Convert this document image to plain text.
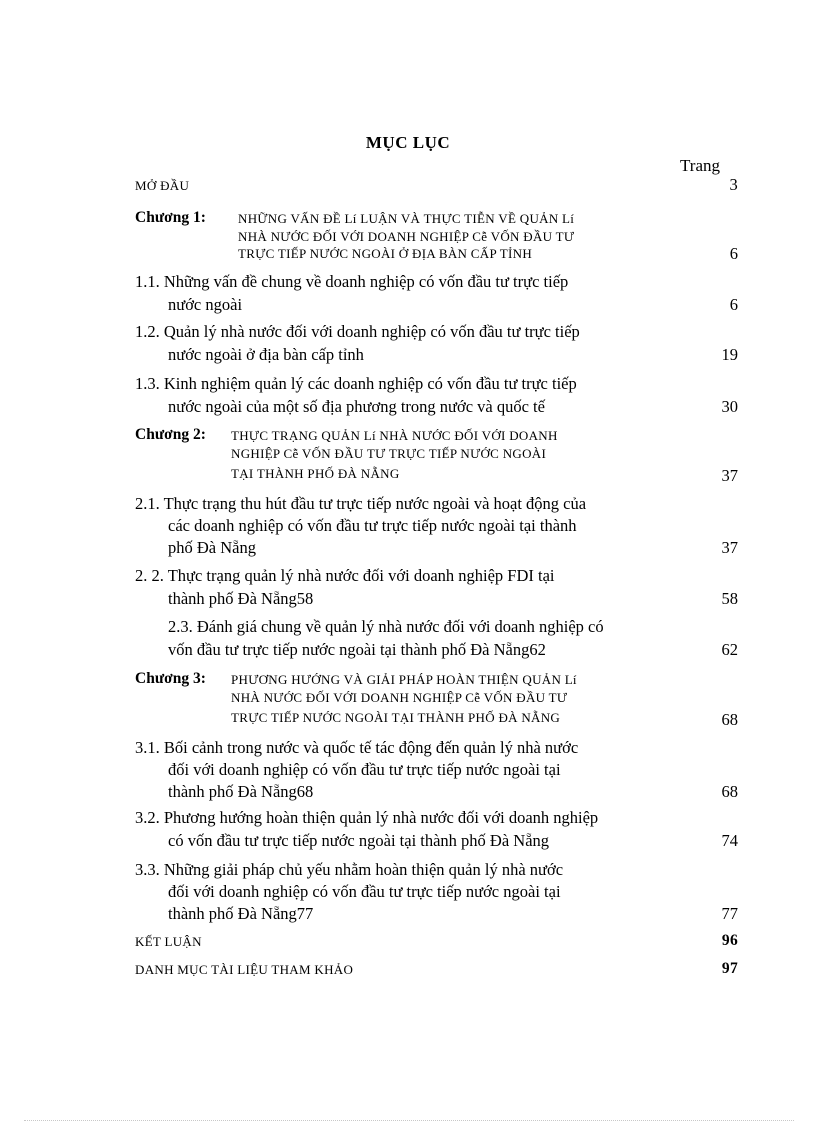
MỤC LỤC
Trang
MỞ ĐẦU	3
Chương 1: NHỮNG VẤN ĐỀ Lí LUẬN VÀ THỰC TIỄN VỀ QUẢN Lí
NHÀ NƯỚC ĐỐI VỚI DOANH NGHIỆP Cễ VỐN ĐẦU TƯ
TRỰC TIẾP NƯỚC NGOÀI Ở ĐỊA BÀN CẤP TỈNH	6
1.1. Những vấn đề chung về doanh nghiệp có vốn đầu tư trực tiếp
nước ngoài	6
1.2. Quản lý nhà nước đối với doanh nghiệp có vốn đầu tư trực tiếp
nước ngoài ở địa bàn cấp tỉnh	19
1.3. Kinh nghiệm quản lý các doanh nghiệp có vốn đầu tư trực tiếp
nước ngoài của một số địa phương trong nước và quốc tế	30
Chương 2: THỰC TRẠNG QUẢN Lí NHÀ NƯỚC ĐỐI VỚI DOANH
NGHIỆP Cễ VỐN ĐẦU TƯ TRỰC TIẾP NƯỚC NGOÀI
TẠI THÀNH PHỐ ĐÀ NẴNG	37
2.1. Thực trạng thu hút đầu tư trực tiếp nước ngoài và hoạt động của
các doanh nghiệp có vốn đầu tư trực tiếp nước ngoài tại thành
phố Đà Nẵng	37
2. 2. Thực trạng quản lý nhà nước đối với doanh nghiệp FDI tại
thành phố Đà Nẵng58	58
2.3. Đánh giá chung về quản lý nhà nước đối với doanh nghiệp có
vốn đầu tư trực tiếp nước ngoài tại thành phố Đà Nẵng62	62
Chương 3: PHƯƠNG HƯỚNG VÀ GIẢI PHÁP HOÀN THIỆN QUẢN Lí
NHÀ NƯỚC ĐỐI VỚI DOANH NGHIỆP Cễ VỐN ĐẦU TƯ
TRỰC TIẾP NƯỚC NGOÀI TẠI THÀNH PHỐ ĐÀ NẴNG	68
3.1. Bối cảnh trong nước và quốc tế tác động đến quản lý nhà nước
đối với doanh nghiệp có vốn đầu tư trực tiếp nước ngoài tại
thành phố Đà Nẵng68	68
3.2. Phương hướng hoàn thiện quản lý nhà nước đối với doanh nghiệp
có vốn đầu tư trực tiếp nước ngoài tại thành phố Đà Nẵng	74
3.3. Những giải pháp chủ yếu nhằm hoàn thiện quản lý nhà nước
đối với doanh nghiệp có vốn đầu tư trực tiếp nước ngoài tại
thành phố Đà Nẵng77	77
KẾT LUẬN	96
DANH MỤC TÀI LIỆU THAM KHẢO	97
